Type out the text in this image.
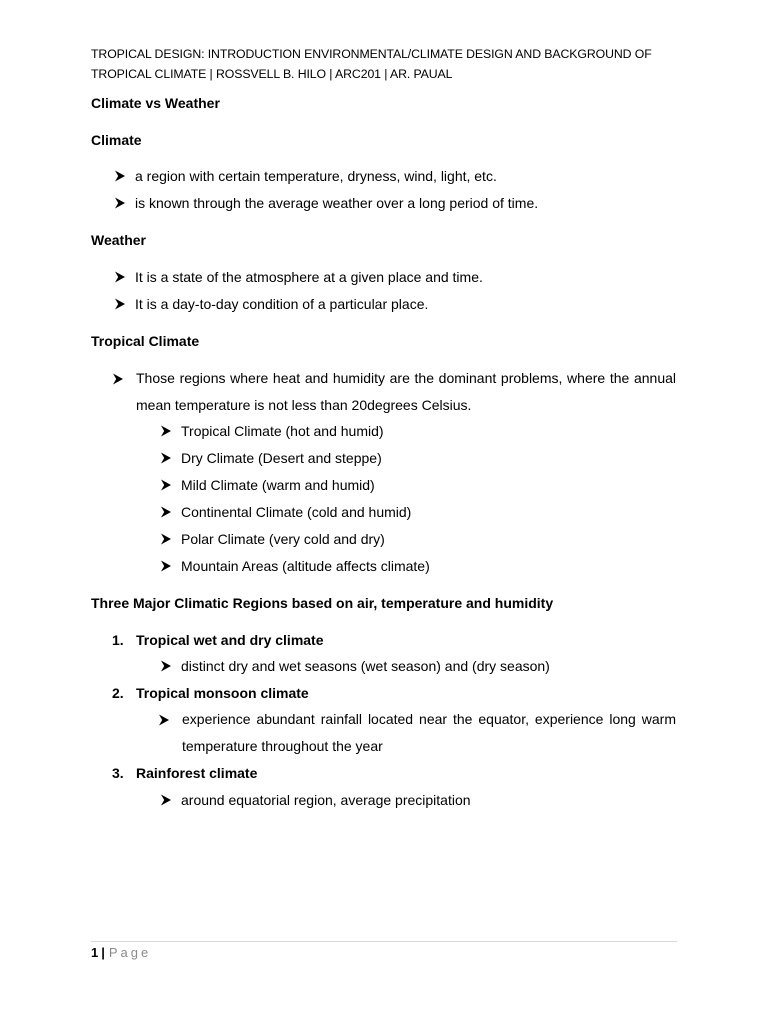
TROPICAL DESIGN: INTRODUCTION ENVIRONMENTAL/CLIMATE DESIGN AND BACKGROUND OF
TROPICAL CLIMATE | ROSSVELL B. HILO | ARC201 | AR. PAUAL
Climate vs Weather
Climate
a region with certain temperature, dryness, wind, light, etc.
is known through the average weather over a long period of time.
Weather
It is a state of the atmosphere at a given place and time.
It is a day-to-day condition of a particular place.
Tropical Climate
Those regions where heat and humidity are the dominant problems, where the annual mean temperature is not less than 20degrees Celsius.
Tropical Climate (hot and humid)
Dry Climate (Desert and steppe)
Mild Climate (warm and humid)
Continental Climate (cold and humid)
Polar Climate (very cold and dry)
Mountain Areas (altitude affects climate)
Three Major Climatic Regions based on air, temperature and humidity
1. Tropical wet and dry climate
distinct dry and wet seasons (wet season) and (dry season)
2. Tropical monsoon climate
experience abundant rainfall located near the equator, experience long warm temperature throughout the year
3. Rainforest climate
around equatorial region, average precipitation
1 | Page
